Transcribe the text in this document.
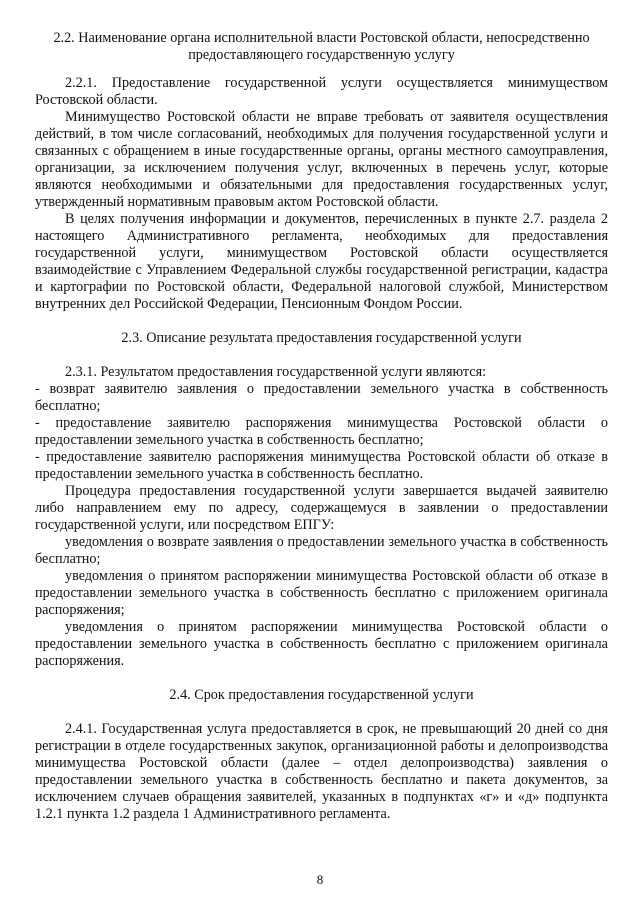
2.2. Наименование органа исполнительной власти Ростовской области, непосредственно предоставляющего государственную услугу

2.2.1. Предоставление государственной услуги осуществляется минимуществом Ростовской области.

Минимущество Ростовской области не вправе требовать от заявителя осуществления действий, в том числе согласований, необходимых для получения государственной услуги и связанных с обращением в иные государственные органы, органы местного самоуправления, организации, за исключением получения услуг, включенных в перечень услуг, которые являются необходимыми и обязательными для предоставления государственных услуг, утвержденный нормативным правовым актом Ростовской области.

В целях получения информации и документов, перечисленных в пункте 2.7. раздела 2 настоящего Административного регламента, необходимых для предоставления государственной услуги, минимуществом Ростовской области осуществляется взаимодействие с Управлением Федеральной службы государственной регистрации, кадастра и картографии по Ростовской области, Федеральной налоговой службой, Министерством внутренних дел Российской Федерации, Пенсионным Фондом России.

2.3. Описание результата предоставления государственной услуги

2.3.1. Результатом предоставления государственной услуги являются:

- возврат заявителю заявления о предоставлении земельного участка в собственность бесплатно;

- предоставление заявителю распоряжения минимущества Ростовской области о предоставлении земельного участка в собственность бесплатно;

- предоставление заявителю распоряжения минимущества Ростовской области об отказе в предоставлении земельного участка в собственность бесплатно.

Процедура предоставления государственной услуги завершается выдачей заявителю либо направлением ему по адресу, содержащемуся в заявлении о предоставлении государственной услуги, или посредством ЕПГУ:

уведомления о возврате заявления о предоставлении земельного участка в собственность бесплатно;

уведомления о принятом распоряжении минимущества Ростовской области об отказе в предоставлении земельного участка в собственность бесплатно с приложением оригинала распоряжения;

уведомления о принятом распоряжении минимущества Ростовской области о предоставлении земельного участка в собственность бесплатно с приложением оригинала распоряжения.

2.4. Срок предоставления государственной услуги

2.4.1. Государственная услуга предоставляется в срок, не превышающий 20 дней со дня регистрации в отделе государственных закупок, организационной работы и делопроизводства минимущества Ростовской области (далее – отдел делопроизводства) заявления о предоставлении земельного участка в собственность бесплатно и пакета документов, за исключением случаев обращения заявителей, указанных в подпунктах «г» и «д» подпункта 1.2.1 пункта 1.2 раздела 1 Административного регламента.

8
